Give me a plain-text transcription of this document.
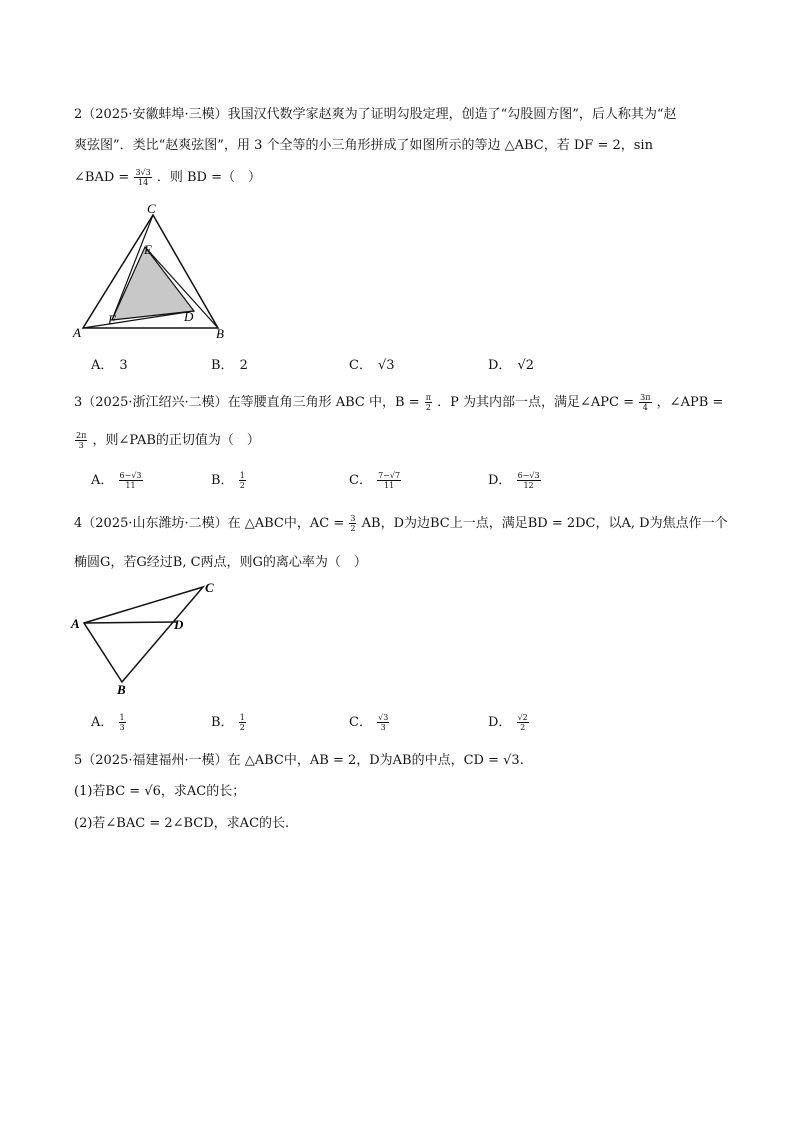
2（2025·安徽蚌埠·三模）我国汉代数学家赵爽为了证明勾股定理，创造了“勾股圆方图”，后人称其为“赵
爽弦图”．类比“赵爽弦图”，用 3 个全等的小三角形拼成了如图所示的等边 △ABC，若 DF = 2，sin
∠BAD = $\frac{3√3}{14}$ ．则 BD =（　）
C
E
A
F	D
B
A． 3	B． 2	C． √3	D． √2
3（2025·浙江绍兴·二模）在等腰直角三角形 ABC 中，$B = \frac{\pi}{2}$ ．P 为其内部一点，满足∠APC = $\frac{3\pi}{4}$ ，∠APB =
$\frac{2\pi}{3}$ ，则∠PAB的正切值为（　）
A． $\frac{6-√3}{11}$	B． $\frac{1}{2}$	C． $\frac{7-√7}{11}$	D． $\frac{6-√3}{12}$
4（2025·山东潍坊·二模）在 △ABC中，AC = $\frac{3}{2}$ AB，D为边BC上一点，满足BD = 2DC，以A, D为焦点作一个
椭圆G，若G经过B, C两点，则G的离心率为（　）
C
A	D
B
A． $\frac{1}{3}$	B． $\frac{1}{2}$	C． $\frac{√3}{3}$	D． $\frac{√2}{2}$
5（2025·福建福州·一模）在 △ABC中，AB = 2，D为AB的中点，CD = √3.
(1)若BC = √6，求AC的长；
(2)若∠BAC = 2∠BCD，求AC的长.
